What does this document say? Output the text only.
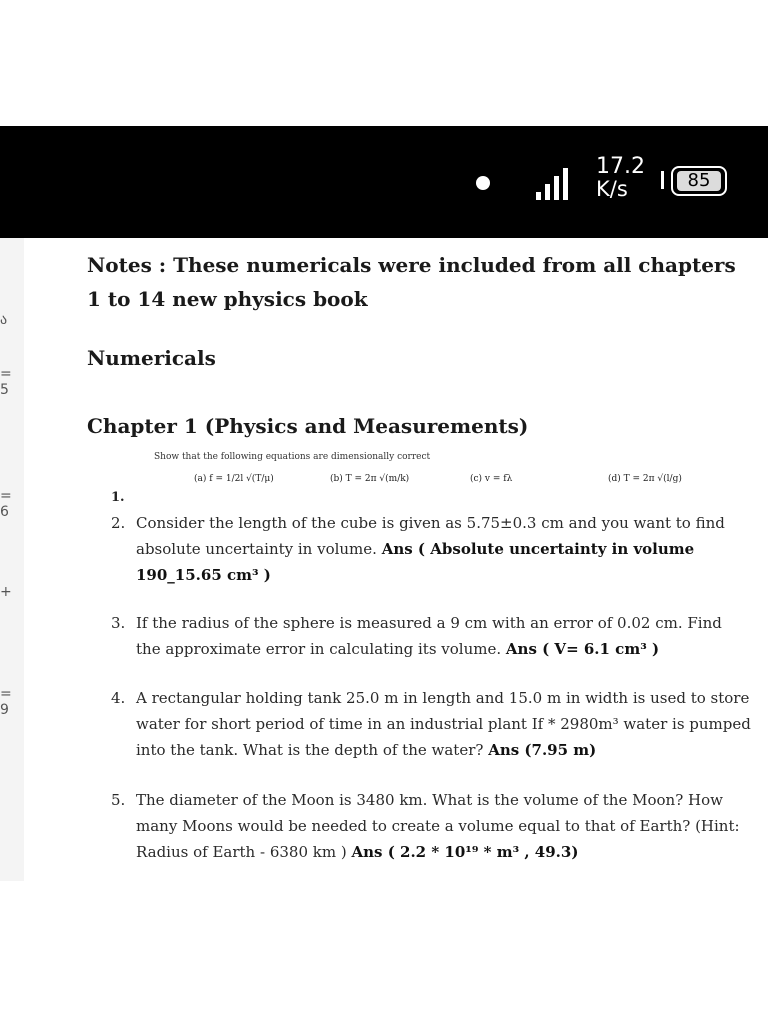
17.2
K/s	85
ა
= 5
= 6
+
= 9
Notes : These numericals were included from all chapters
1 to 14 new physics book
Numericals
Chapter 1 (Physics and Measurements)
Show that the following equations are dimensionally correct
(a) f = 1/2l √(T/μ)	(b) T = 2π √(m/k)	(c) v = fλ	(d) T = 2π √(l/g)
1.
2. Consider the length of the cube is given as 5.75±0.3 cm and you want to find absolute uncertainty in volume. Ans ( Absolute uncertainty in volume 190_15.65 cm³ )
3. If the radius of the sphere is measured a 9 cm with an error of 0.02 cm. Find the approximate error in calculating its volume. Ans ( V= 6.1 cm³ )
4. A rectangular holding tank 25.0 m in length and 15.0 m in width is used to store water for short period of time in an industrial plant If * 2980m³ water is pumped into the tank. What is the depth of the water? Ans (7.95 m)
5. The diameter of the Moon is 3480 km. What is the volume of the Moon? How many Moons would be needed to create a volume equal to that of Earth? (Hint: Radius of Earth - 6380 km ) Ans ( 2.2 * 10¹⁹ * m³ , 49.3)
